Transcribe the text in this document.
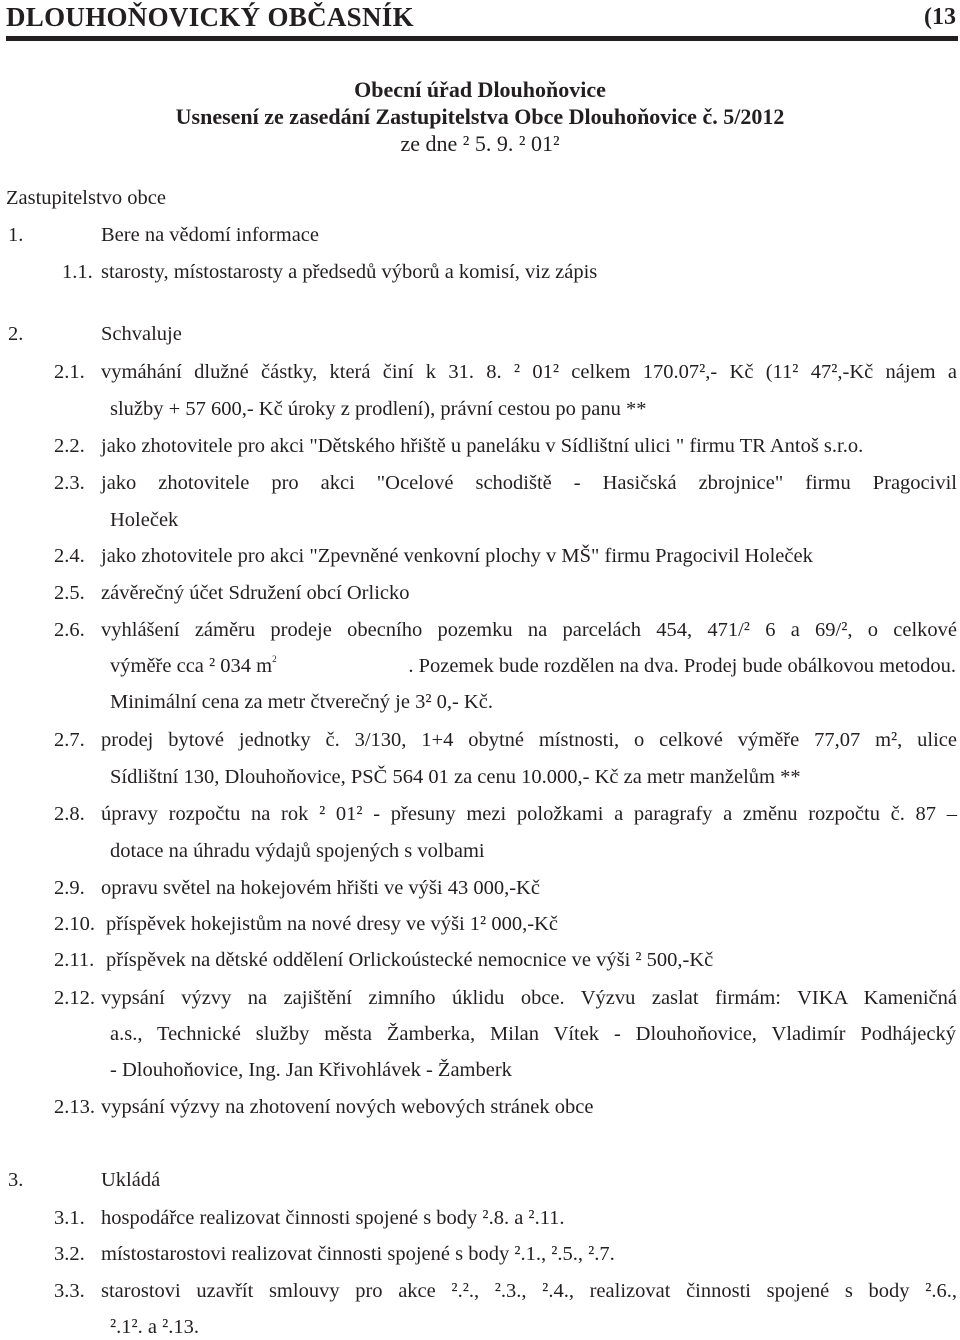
DLOUHOŇOVICKÝ OBČASNÍK	(13
Obecní úřad Dlouhoňovice
Usnesení ze zasedání Zastupitelstva Obce Dlouhoňovice č. 5/2012
ze dne ² 5. 9. ² 01²
Zastupitelstvo obce
1.	Bere na vědomí informace
1.1. starosty, místostarosty a předsedů výborů a komisí, viz zápis
2.	Schvaluje
2.1. vymáhání dlužné částky, která činí k 31. 8. ² 01² celkem 170.07²,- Kč (11² 47²,-Kč nájem a
služby + 57 600,- Kč úroky z prodlení), právní cestou po panu **
2.2. jako zhotovitele pro akci "Dětského hřiště u paneláku v Sídlištní ulici " firmu TR Antoš s.r.o.
2.3. jako zhotovitele pro akci "Ocelové schodiště - Hasičská zbrojnice" firmu Pragocivil
Holeček
2.4. jako zhotovitele pro akci "Zpevněné venkovní plochy v MŠ" firmu Pragocivil Holeček
2.5. závěrečný účet Sdružení obcí Orlicko
2.6. vyhlášení záměru prodeje obecního pozemku na parcelách 454, 471/² 6 a 69/², o celkové
výměře cca ² 034 $m^2$	. Pozemek bude rozdělen na dva. Prodej bude obálkovou metodou.
Minimální cena za metr čtverečný je 3² 0,- Kč.
2.7. prodej bytové jednotky č. 3/130, 1+4 obytné místnosti, o celkové výměře 77,07 m², ulice
Sídlištní 130, Dlouhoňovice, PSČ 564 01 za cenu 10.000,- Kč za metr manželům **
2.8. úpravy rozpočtu na rok ² 01² - přesuny mezi položkami a paragrafy a změnu rozpočtu č. 87 –
dotace na úhradu výdajů spojených s volbami
2.9. opravu světel na hokejovém hřišti ve výši 43 000,-Kč
2.10. příspěvek hokejistům na nové dresy ve výši 1² 000,-Kč
2.11. příspěvek na dětské oddělení Orlickoústecké nemocnice ve výši ² 500,-Kč
2.12. vypsání výzvy na zajištění zimního úklidu obce. Výzvu zaslat firmám: VIKA Kameničná
a.s., Technické služby města Žamberka, Milan Vítek - Dlouhoňovice, Vladimír Podhájecký
- Dlouhoňovice, Ing. Jan Křivohlávek - Žamberk
2.13. vypsání výzvy na zhotovení nových webových stránek obce
3.	Ukládá
3.1. hospodářce realizovat činnosti spojené s body ².8. a ².11.
3.2. místostarostovi realizovat činnosti spojené s body ².1., ².5., ².7.
3.3. starostovi uzavřít smlouvy pro akce ².²., ².3., ².4., realizovat činnosti spojené s body ².6.,
².1². a ².13.
